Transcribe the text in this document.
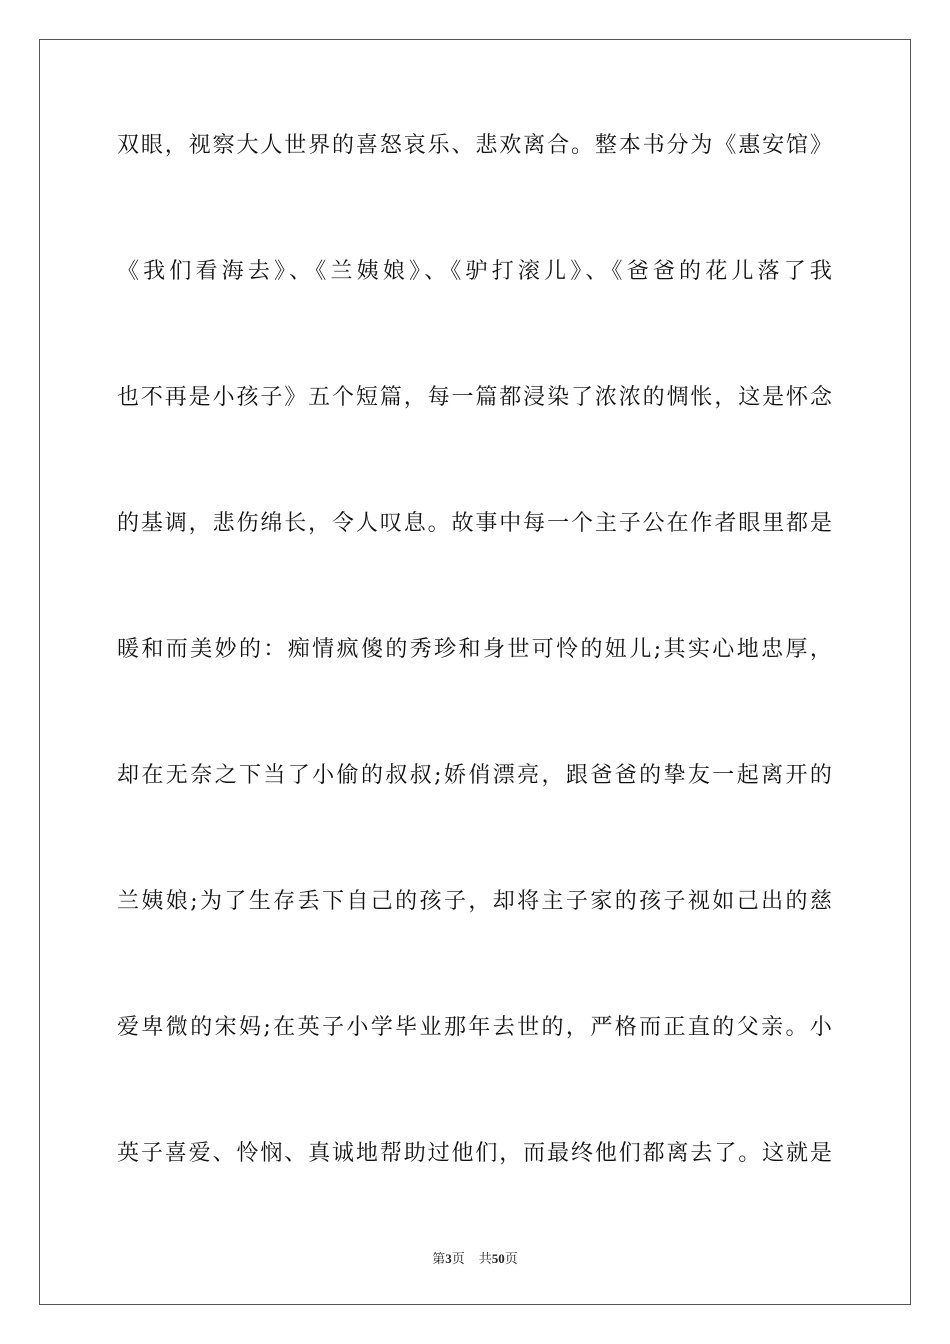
双眼，视察大人世界的喜怒哀乐、悲欢离合。整本书分为《惠安馆》
《我们看海去》、《兰姨娘》、《驴打滚儿》、《爸爸的花儿落了我
也不再是小孩子》五个短篇，每一篇都浸染了浓浓的惆怅，这是怀念
的基调，悲伤绵长，令人叹息。故事中每一个主子公在作者眼里都是
暖和而美妙的：痴情疯傻的秀珍和身世可怜的妞儿;其实心地忠厚，
却在无奈之下当了小偷的叔叔;娇俏漂亮，跟爸爸的挚友一起离开的
兰姨娘;为了生存丢下自己的孩子，却将主子家的孩子视如己出的慈
爱卑微的宋妈;在英子小学毕业那年去世的，严格而正直的父亲。小
英子喜爱、怜悯、真诚地帮助过他们，而最终他们都离去了。这就是
第3页 共50页
